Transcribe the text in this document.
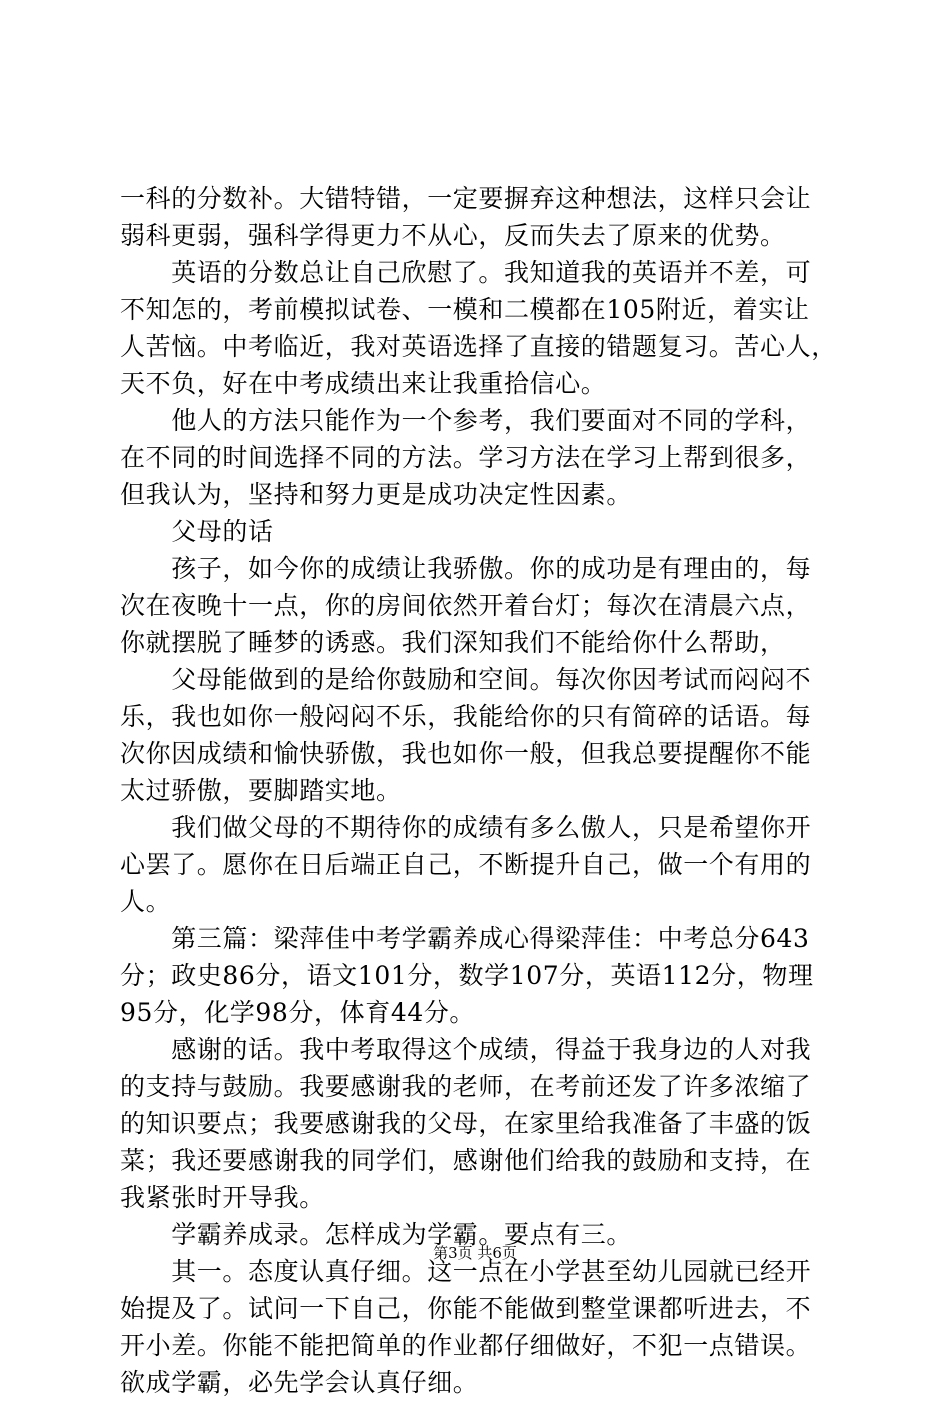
一科的分数补。大错特错，一定要摒弃这种想法，这样只会让
弱科更弱，强科学得更力不从心，反而失去了原来的优势。
　　英语的分数总让自己欣慰了。我知道我的英语并不差，可
不知怎的，考前模拟试卷、一模和二模都在105附近，着实让
人苦恼。中考临近，我对英语选择了直接的错题复习。苦心人，
天不负，好在中考成绩出来让我重拾信心。
　　他人的方法只能作为一个参考，我们要面对不同的学科，
在不同的时间选择不同的方法。学习方法在学习上帮到很多，
但我认为，坚持和努力更是成功决定性因素。
　　父母的话
　　孩子，如今你的成绩让我骄傲。你的成功是有理由的，每
次在夜晚十一点，你的房间依然开着台灯；每次在清晨六点，
你就摆脱了睡梦的诱惑。我们深知我们不能给你什么帮助，
　　父母能做到的是给你鼓励和空间。每次你因考试而闷闷不
乐，我也如你一般闷闷不乐，我能给你的只有简碎的话语。每
次你因成绩和愉快骄傲，我也如你一般，但我总要提醒你不能
太过骄傲，要脚踏实地。
　　我们做父母的不期待你的成绩有多么傲人，只是希望你开
心罢了。愿你在日后端正自己，不断提升自己，做一个有用的
人。
　　第三篇：梁萍佳中考学霸养成心得梁萍佳：中考总分643
分；政史86分，语文101分，数学107分，英语112分，物理
95分，化学98分，体育44分。
　　感谢的话。我中考取得这个成绩，得益于我身边的人对我
的支持与鼓励。我要感谢我的老师，在考前还发了许多浓缩了
的知识要点；我要感谢我的父母，在家里给我准备了丰盛的饭
菜；我还要感谢我的同学们，感谢他们给我的鼓励和支持，在
我紧张时开导我。
　　学霸养成录。怎样成为学霸。要点有三。
　　其一。态度认真仔细。这一点在小学甚至幼儿园就已经开
始提及了。试问一下自己，你能不能做到整堂课都听进去，不
开小差。你能不能把简单的作业都仔细做好，不犯一点错误。
欲成学霸，必先学会认真仔细。
第3页 共6页
